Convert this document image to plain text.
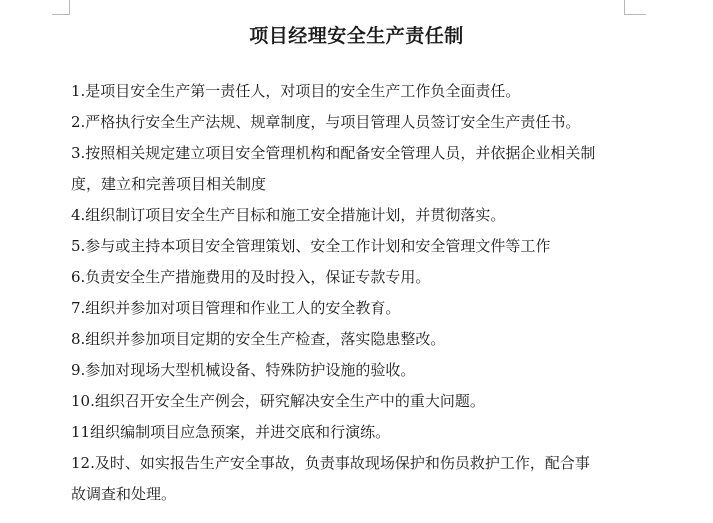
项目经理安全生产责任制
1.是项目安全生产第一责任人，对项目的安全生产工作负全面责任。
2.严格执行安全生产法规、规章制度，与项目管理人员签订安全生产责任书。
3.按照相关规定建立项目安全管理机构和配备安全管理人员，并依据企业相关制
度，建立和完善项目相关制度
4.组织制订项目安全生产目标和施工安全措施计划，并贯彻落实。
5.参与或主持本项目安全管理策划、安全工作计划和安全管理文件等工作
6.负责安全生产措施费用的及时投入，保证专款专用。
7.组织并参加对项目管理和作业工人的安全教育。
8.组织并参加项目定期的安全生产检查，落实隐患整改。
9.参加对现场大型机械设备、特殊防护设施的验收。
10.组织召开安全生产例会，研究解决安全生产中的重大问题。
11组织编制项目应急预案，并进交底和行演练。
12.及时、如实报告生产安全事故，负责事故现场保护和伤员救护工作，配合事
故调查和处理。
